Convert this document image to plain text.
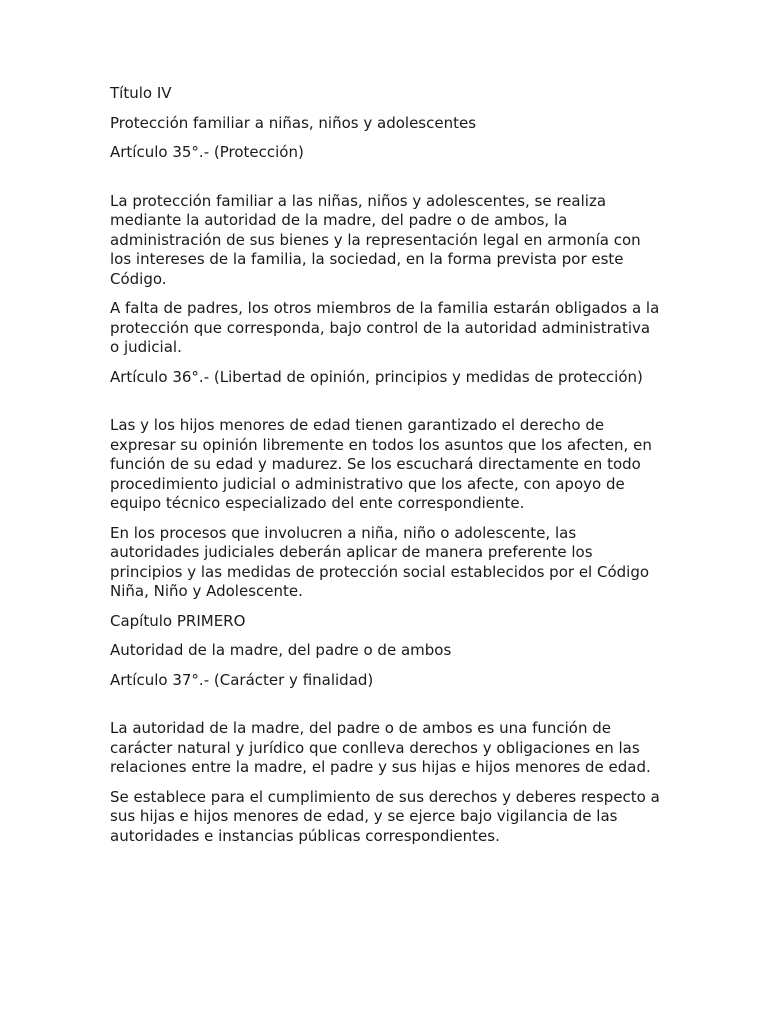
Título IV

Protección familiar a niñas, niños y adolescentes

Artículo 35°.- (Protección)

La protección familiar a las niñas, niños y adolescentes, se realiza mediante la autoridad de la madre, del padre o de ambos, la administración de sus bienes y la representación legal en armonía con los intereses de la familia, la sociedad, en la forma prevista por este Código.

A falta de padres, los otros miembros de la familia estarán obligados a la protección que corresponda, bajo control de la autoridad administrativa o judicial.

Artículo 36°.- (Libertad de opinión, principios y medidas de protección)

Las y los hijos menores de edad tienen garantizado el derecho de expresar su opinión libremente en todos los asuntos que los afecten, en función de su edad y madurez. Se los escuchará directamente en todo procedimiento judicial o administrativo que los afecte, con apoyo de equipo técnico especializado del ente correspondiente.

En los procesos que involucren a niña, niño o adolescente, las autoridades judiciales deberán aplicar de manera preferente los principios y las medidas de protección social establecidos por el Código Niña, Niño y Adolescente.

Capítulo PRIMERO

Autoridad de la madre, del padre o de ambos

Artículo 37°.- (Carácter y finalidad)

La autoridad de la madre, del padre o de ambos es una función de carácter natural y jurídico que conlleva derechos y obligaciones en las relaciones entre la madre, el padre y sus hijas e hijos menores de edad.

Se establece para el cumplimiento de sus derechos y deberes respecto a sus hijas e hijos menores de edad, y se ejerce bajo vigilancia de las autoridades e instancias públicas correspondientes.
